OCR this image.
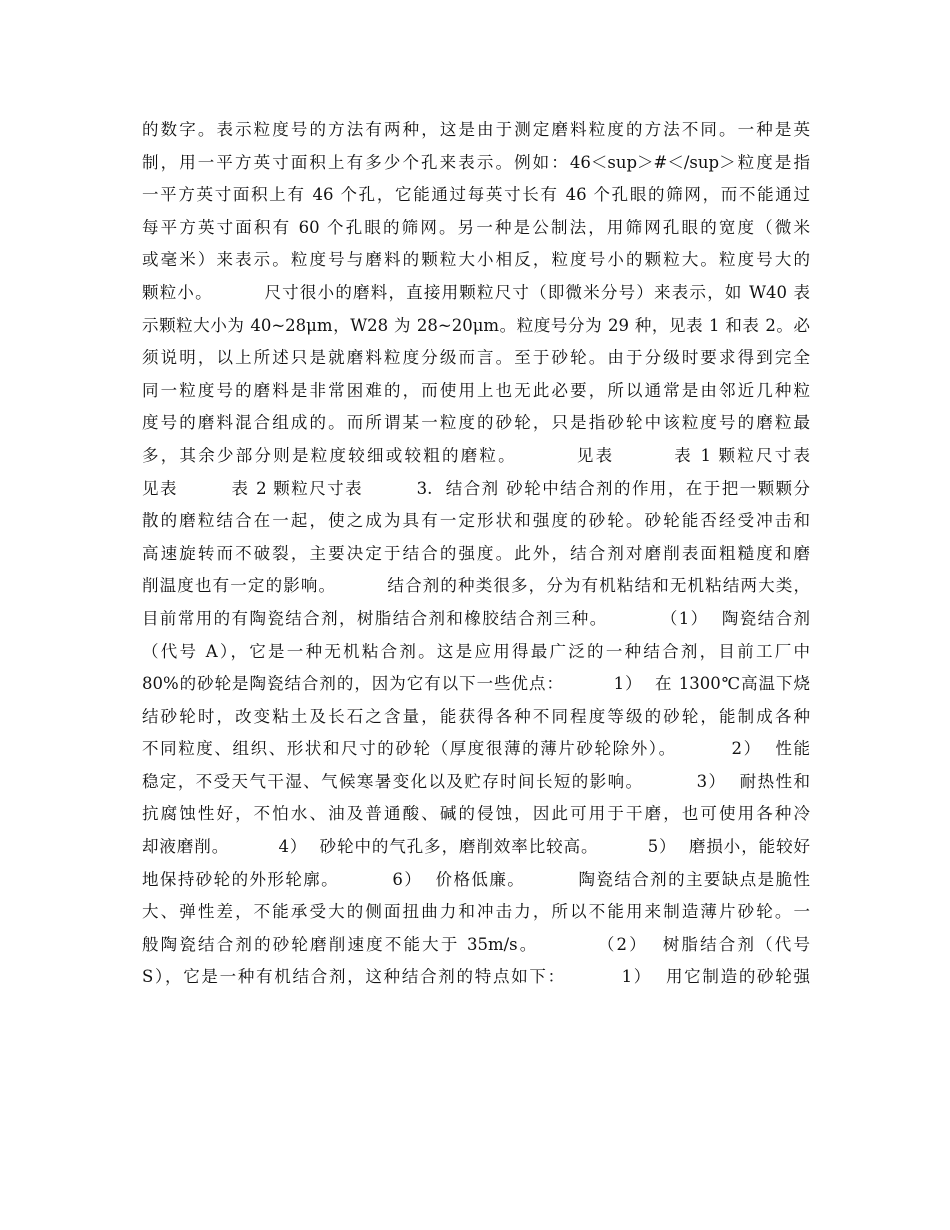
的数字。表示粒度号的方法有两种，这是由于测定磨料粒度的方法不同。一种是英
制，用一平方英寸面积上有多少个孔来表示。例如：46＜sup＞#＜/sup＞粒度是指
一平方英寸面积上有 46 个孔，它能通过每英寸长有 46 个孔眼的筛网，而不能通过
每平方英寸面积有 60 个孔眼的筛网。另一种是公制法，用筛网孔眼的宽度（微米
或毫米）来表示。粒度号与磨料的颗粒大小相反，粒度号小的颗粒大。粒度号大的
颗粒小。        尺寸很小的磨料，直接用颗粒尺寸（即微米分号）来表示，如 W40 表
示颗粒大小为 40~28μm，W28 为 28~20μm。粒度号分为 29 种，见表 1 和表 2。必
须说明，以上所述只是就磨料粒度分级而言。至于砂轮。由于分级时要求得到完全
同一粒度号的磨料是非常困难的，而使用上也无此必要，所以通常是由邻近几种粒
度号的磨料混合组成的。而所谓某一粒度的砂轮，只是指砂轮中该粒度号的磨粒最
多，其余少部分则是粒度较细或较粗的磨粒。        见表        表 1 颗粒尺寸表
见表        表 2 颗粒尺寸表        3.  结合剂 砂轮中结合剂的作用，在于把一颗颗分
散的磨粒结合在一起，使之成为具有一定形状和强度的砂轮。砂轮能否经受冲击和
高速旋转而不破裂，主要决定于结合的强度。此外，结合剂对磨削表面粗糙度和磨
削温度也有一定的影响。        结合剂的种类很多，分为有机粘结和无机粘结两大类，
目前常用的有陶瓷结合剂，树脂结合剂和橡胶结合剂三种。        （1）  陶瓷结合剂
（代号 A），它是一种无机粘合剂。这是应用得最广泛的一种结合剂，目前工厂中
80%的砂轮是陶瓷结合剂的，因为它有以下一些优点：        1）  在 1300℃高温下烧
结砂轮时，改变粘土及长石之含量，能获得各种不同程度等级的砂轮，能制成各种
不同粒度、组织、形状和尺寸的砂轮（厚度很薄的薄片砂轮除外）。        2）  性能
稳定，不受天气干湿、气候寒暑变化以及贮存时间长短的影响。        3）  耐热性和
抗腐蚀性好，不怕水、油及普通酸、碱的侵蚀，因此可用于干磨，也可使用各种冷
却液磨削。        4）  砂轮中的气孔多，磨削效率比较高。        5）  磨损小，能较好
地保持砂轮的外形轮廓。        6）  价格低廉。        陶瓷结合剂的主要缺点是脆性
大、弹性差，不能承受大的侧面扭曲力和冲击力，所以不能用来制造薄片砂轮。一
般陶瓷结合剂的砂轮磨削速度不能大于 35m/s。        （2）  树脂结合剂（代号
S），它是一种有机结合剂，这种结合剂的特点如下：        1）  用它制造的砂轮强
